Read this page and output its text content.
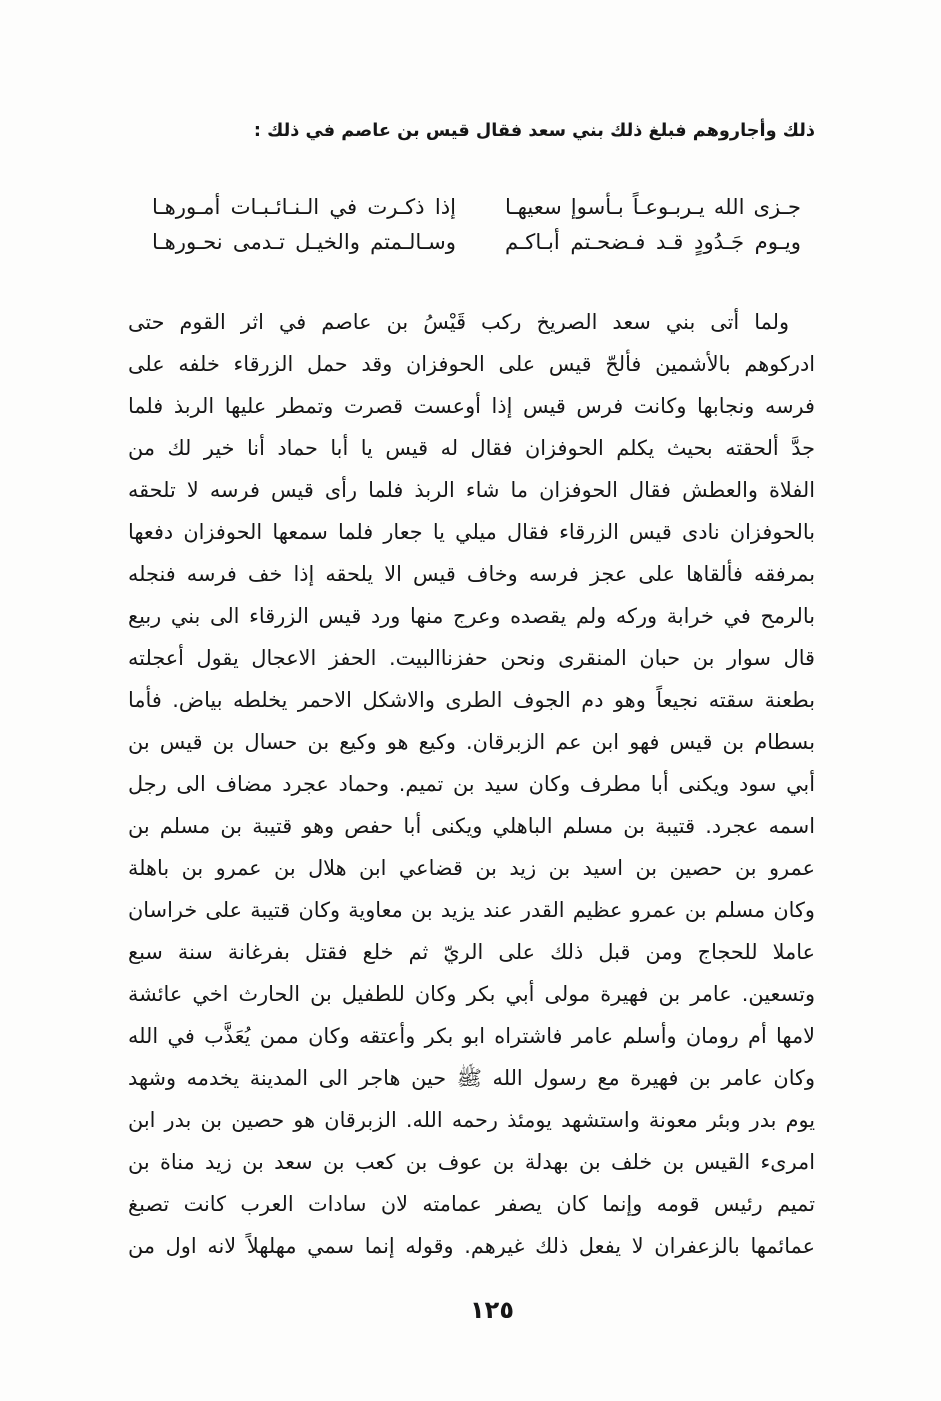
ذلك وأجاروهم فبلغ ذلك بني سعد فقال قيس بن عاصم في ذلك :
جـزى الله يـربـوعـاً بـأسوإ سعيهـا
إذا ذكـرت في الـنـائـبـات أمـورهـا
ويـوم جَـدُودٍ قـد فـضحـتم أبـاكـم
وسـالـمتم والخيـل تـدمى نحـورهـا
ولما أتى بني سعد الصريخ ركب قَيْسُ بن عاصم في اثر القوم حتى
ادركوهم بالأشمين فألحّ قيس على الحوفزان وقد حمل الزرقاء خلفه على
فرسه ونجابها وكانت فرس قيس إذا أوعست قصرت وتمطر عليها الربذ فلما
جدَّ ألحقته بحيث يكلم الحوفزان فقال له قيس يا أبا حماد أنا خير لك من
الفلاة والعطش فقال الحوفزان ما شاء الربذ فلما رأى قيس فرسه لا تلحقه
بالحوفزان نادى قيس الزرقاء فقال ميلي يا جعار فلما سمعها الحوفزان دفعها
بمرفقه فألقاها على عجز فرسه وخاف قيس الا يلحقه إذا خف فرسه فنجله
بالرمح في خرابة وركه ولم يقصده وعرج منها ورد قيس الزرقاء الى بني ربيع
قال سوار بن حبان المنقرى ونحن حفزناالبيت. الحفز الاعجال يقول أعجلته
بطعنة سقته نجيعاً وهو دم الجوف الطرى والاشكل الاحمر يخلطه بياض. فأما
بسطام بن قيس فهو ابن عم الزبرقان. وكيع هو وكيع بن حسال بن قيس بن
أبي سود ويكنى أبا مطرف وكان سيد بن تميم. وحماد عجرد مضاف الى رجل
اسمه عجرد. قتيبة بن مسلم الباهلي ويكنى أبا حفص وهو قتيبة بن مسلم بن
عمرو بن حصين بن اسيد بن زيد بن قضاعي ابن هلال بن عمرو بن باهلة
وكان مسلم بن عمرو عظيم القدر عند يزيد بن معاوية وكان قتيبة على خراسان
عاملا للحجاج ومن قبل ذلك على الريّ ثم خلع فقتل بفرغانة سنة سبع
وتسعين. عامر بن فهيرة مولى أبي بكر وكان للطفيل بن الحارث اخي عائشة
لامها أم رومان وأسلم عامر فاشتراه ابو بكر وأعتقه وكان ممن يُعَذَّب في الله
وكان عامر بن فهيرة مع رسول الله ﷺ حين هاجر الى المدينة يخدمه وشهد
يوم بدر وبئر معونة واستشهد يومئذ رحمه الله. الزبرقان هو حصين بن بدر ابن
امرىء القيس بن خلف بن بهدلة بن عوف بن كعب بن سعد بن زيد مناة بن
تميم رئيس قومه وإنما كان يصفر عمامته لان سادات العرب كانت تصبغ
عمائمها بالزعفران لا يفعل ذلك غيرهم. وقوله إنما سمي مهلهلاً لانه اول من
١٢٥
